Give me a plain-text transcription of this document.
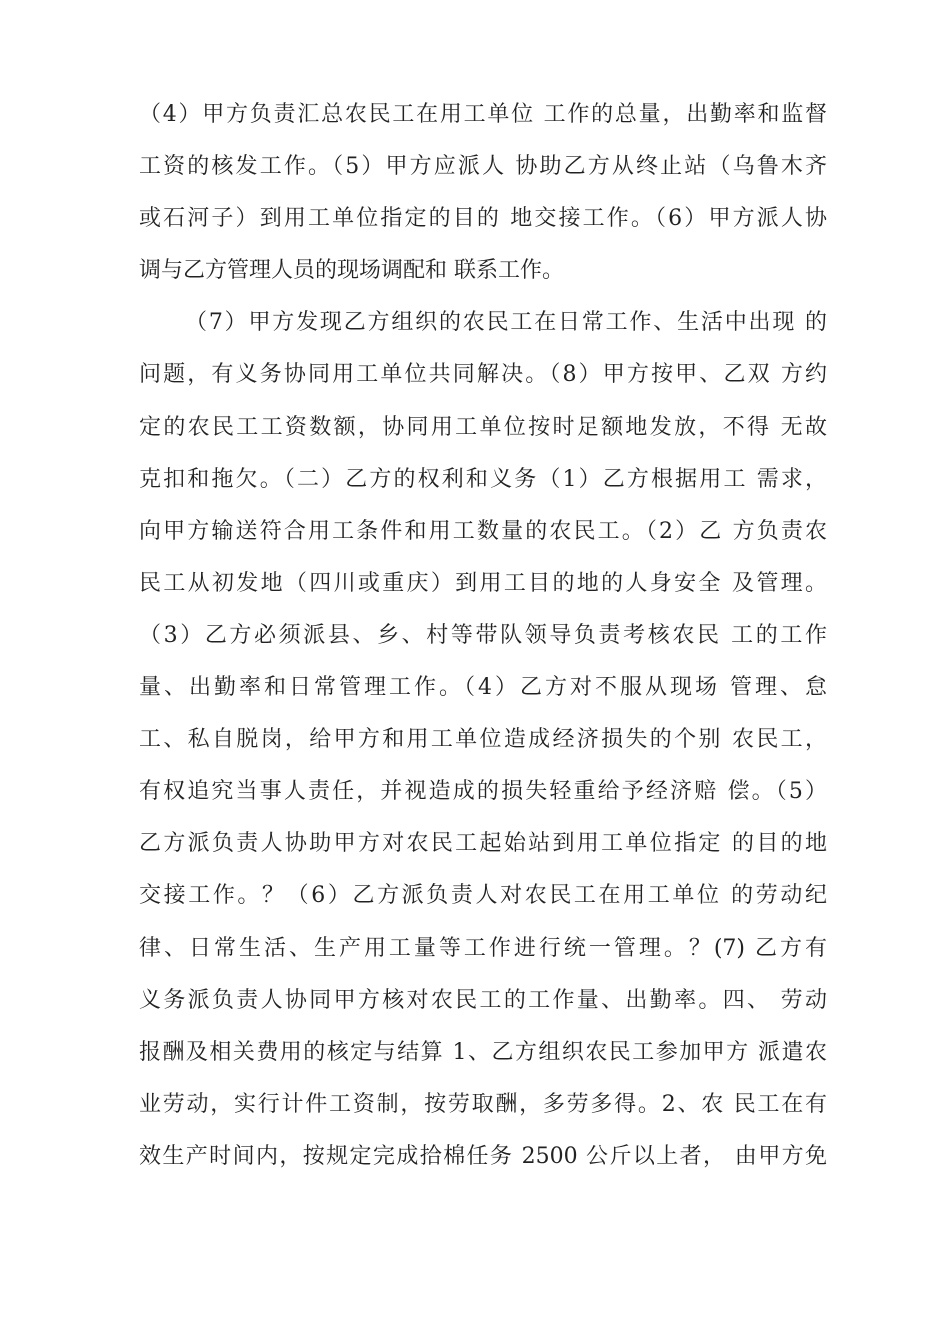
（4）甲方负责汇总农民工在用工单位 工作的总量，出勤率和监督
工资的核发工作。（5）甲方应派人 协助乙方从终止站（乌鲁木齐
或石河子）到用工单位指定的目的 地交接工作。（6）甲方派人协
调与乙方管理人员的现场调配和 联系工作。
（7）甲方发现乙方组织的农民工在日常工作、生活中出现 的
问题，有义务协同用工单位共同解决。（8）甲方按甲、乙双 方约
定的农民工工资数额，协同用工单位按时足额地发放，不得 无故
克扣和拖欠。（二）乙方的权利和义务（1）乙方根据用工 需求，
向甲方输送符合用工条件和用工数量的农民工。（2）乙 方负责农
民工从初发地（四川或重庆）到用工目的地的人身安全 及管理。
（3）乙方必须派县、乡、村等带队领导负责考核农民 工的工作
量、出勤率和日常管理工作。（4）乙方对不服从现场 管理、怠
工、私自脱岗，给甲方和用工单位造成经济损失的个别 农民工，
有权追究当事人责任，并视造成的损失轻重给予经济赔 偿。（5）
乙方派负责人协助甲方对农民工起始站到用工单位指定 的目的地
交接工作。？（6）乙方派负责人对农民工在用工单位 的劳动纪
律、日常生活、生产用工量等工作进行统一管理。？(7) 乙方有
义务派负责人协同甲方核对农民工的工作量、出勤率。四、 劳动
报酬及相关费用的核定与结算 1、乙方组织农民工参加甲方 派遣农
业劳动，实行计件工资制，按劳取酬，多劳多得。2、农 民工在有
效生产时间内，按规定完成拾棉任务 2500 公斤以上者， 由甲方免
